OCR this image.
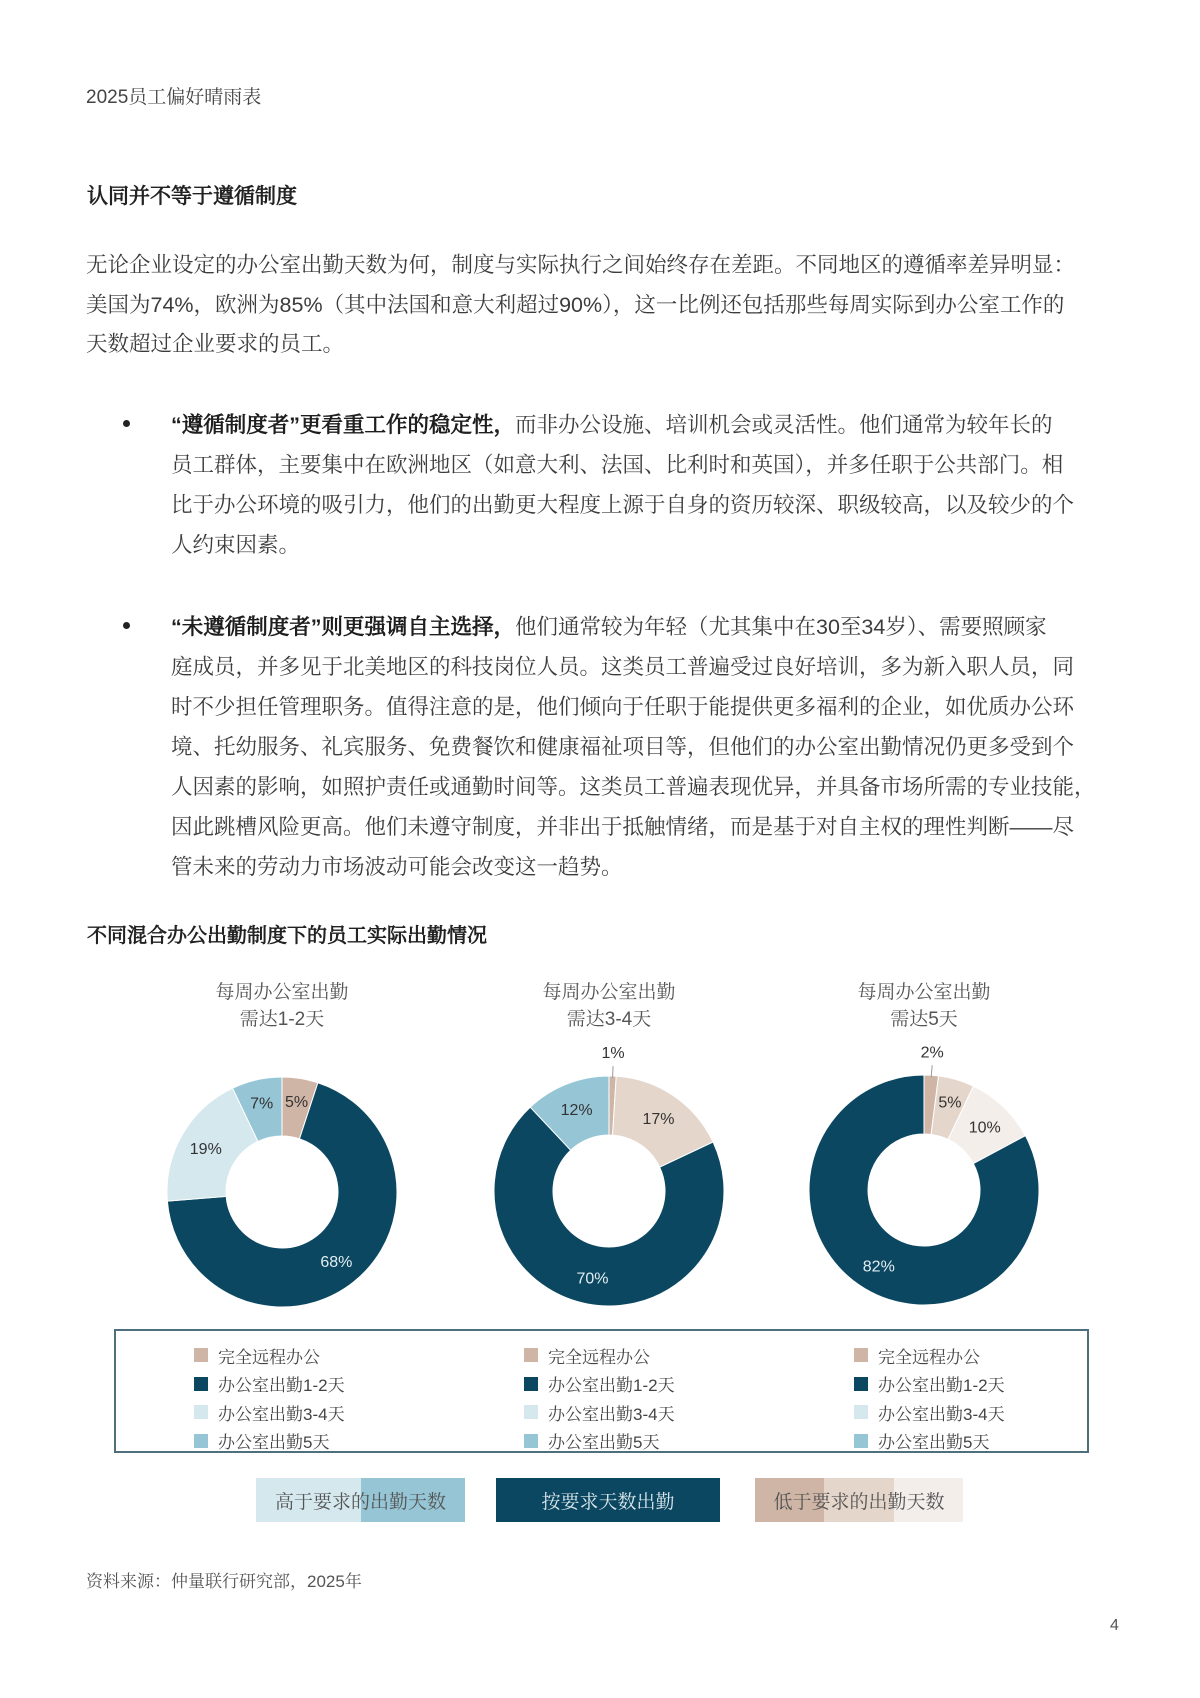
2025员工偏好晴雨表
认同并不等于遵循制度
无论企业设定的办公室出勤天数为何，制度与实际执行之间始终存在差距。不同地区的遵循率差异明显：
美国为74%，欧洲为85%（其中法国和意大利超过90%），这一比例还包括那些每周实际到办公室工作的
天数超过企业要求的员工。
“遵循制度者”更看重工作的稳定性，而非办公设施、培训机会或灵活性。他们通常为较年长的
员工群体，主要集中在欧洲地区（如意大利、法国、比利时和英国），并多任职于公共部门。相
比于办公环境的吸引力，他们的出勤更大程度上源于自身的资历较深、职级较高，以及较少的个
人约束因素。
“未遵循制度者”则更强调自主选择，他们通常较为年轻（尤其集中在30至34岁）、需要照顾家
庭成员，并多见于北美地区的科技岗位人员。这类员工普遍受过良好培训，多为新入职人员，同
时不少担任管理职务。值得注意的是，他们倾向于任职于能提供更多福利的企业，如优质办公环
境、托幼服务、礼宾服务、免费餐饮和健康福祉项目等，但他们的办公室出勤情况仍更多受到个
人因素的影响，如照护责任或通勤时间等。这类员工普遍表现优异，并具备市场所需的专业技能，
因此跳槽风险更高。他们未遵守制度，并非出于抵触情绪，而是基于对自主权的理性判断——尽
管未来的劳动力市场波动可能会改变这一趋势。
不同混合办公出勤制度下的员工实际出勤情况
每周办公室出勤
需达1-2天
每周办公室出勤
需达3-4天
每周办公室出勤
需达5天
5%
68%
19%
7%
1%
17%
70%
12%
2%
5%
10%
82%
完全远程办公
办公室出勤1-2天
办公室出勤3-4天
办公室出勤5天
完全远程办公
办公室出勤1-2天
办公室出勤3-4天
办公室出勤5天
完全远程办公
办公室出勤1-2天
办公室出勤3-4天
办公室出勤5天
高于要求的出勤天数	按要求天数出勤	低于要求的出勤天数
资料来源：仲量联行研究部，2025年
4
